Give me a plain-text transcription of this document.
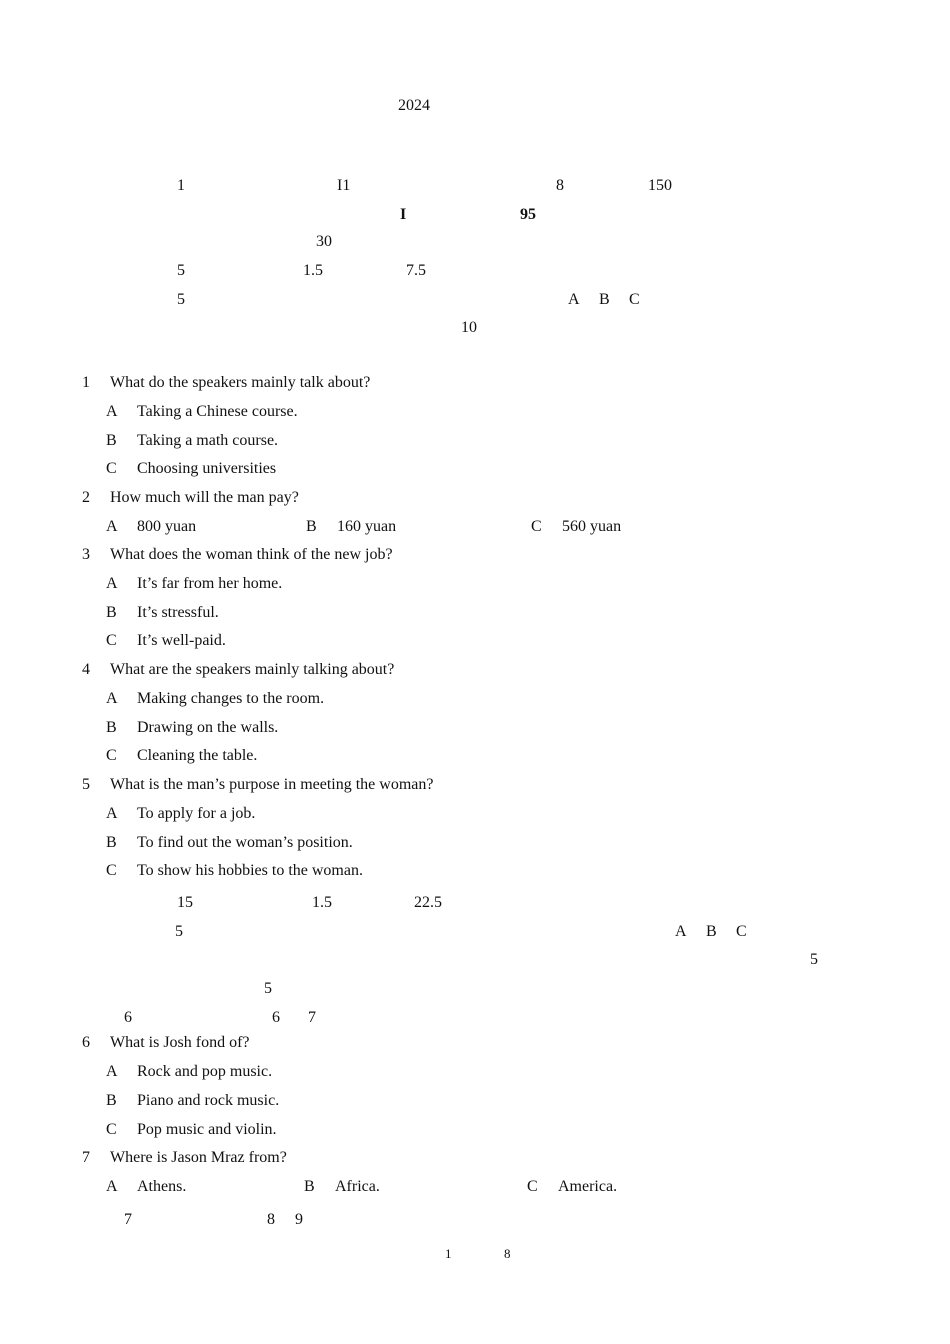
2024
1	I1	8	150
I	95
30
5	1.5	7.5
5	A B C
10
1 What do the speakers mainly talk about?
A Taking a Chinese course.
B Taking a math course.
C Choosing universities
2 How much will the man pay?
A 800 yuan	B 160 yuan	C 560 yuan
3 What does the woman think of the new job?
A It’s far from her home.
B It’s stressful.
C It’s well-paid.
4 What are the speakers mainly talking about?
A Making changes to the room.
B Drawing on the walls.
C Cleaning the table.
5 What is the man’s purpose in meeting the woman?
A To apply for a job.
B To find out the woman’s position.
C To show his hobbies to the woman.
15	1.5	22.5
5	A B C
5
5
6	6 7
6 What is Josh fond of?
A Rock and pop music.
B Piano and rock music.
C Pop music and violin.
7 Where is Jason Mraz from?
A Athens.	B Africa.	C America.
7	8 9
1	8
